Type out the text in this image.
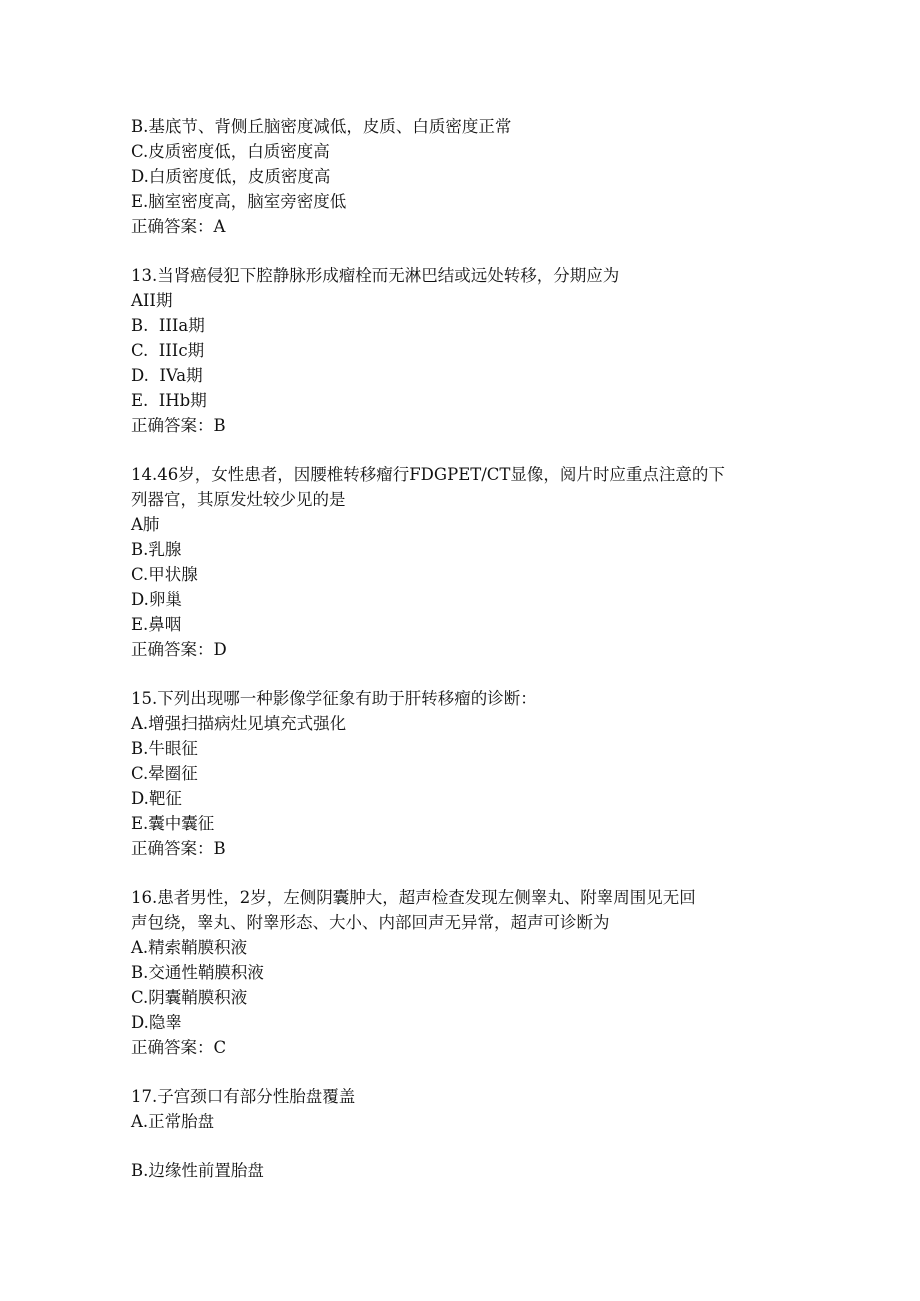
B.基底节、背侧丘脑密度减低，皮质、白质密度正常

C.皮质密度低，白质密度高

D.白质密度低，皮质密度高

E.脑室密度高，脑室旁密度低

正确答案：A

13.当肾癌侵犯下腔静脉形成瘤栓而无淋巴结或远处转移，分期应为

AII期

B.  IIIa期

C.  IIIc期

D.  IVa期

E.  IHb期

正确答案：B

14.46岁，女性患者，因腰椎转移瘤行FDGPET/CT显像，阅片时应重点注意的下

列器官，其原发灶较少见的是

A肺

B.乳腺

C.甲状腺

D.卵巢

E.鼻咽

正确答案：D

15.下列出现哪一种影像学征象有助于肝转移瘤的诊断：

A.增强扫描病灶见填充式强化

B.牛眼征

C.晕圈征

D.靶征

E.囊中囊征

正确答案：B

16.患者男性，2岁，左侧阴囊肿大，超声检查发现左侧睾丸、附睾周围见无回

声包绕，睾丸、附睾形态、大小、内部回声无异常，超声可诊断为

A.精索鞘膜积液

B.交通性鞘膜积液

C.阴囊鞘膜积液

D.隐睾

正确答案：C

17.子宫颈口有部分性胎盘覆盖

A.正常胎盘

B.边缘性前置胎盘
